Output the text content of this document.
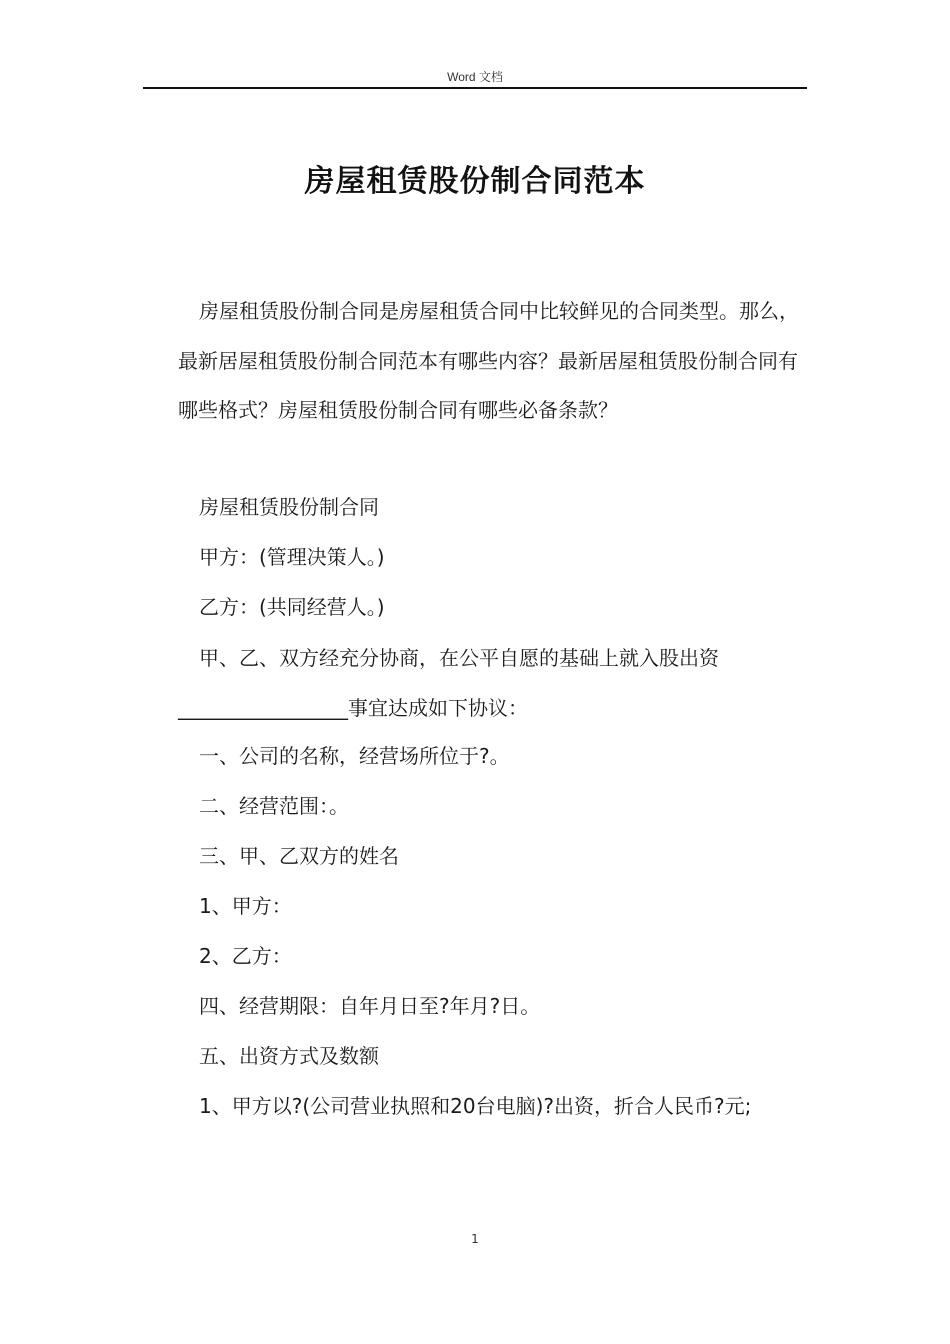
Word 文档
房屋租赁股份制合同范本

房屋租赁股份制合同是房屋租赁合同中比较鲜见的合同类型。那么，最新居屋租赁股份制合同范本有哪些内容？最新居屋租赁股份制合同有哪些格式？房屋租赁股份制合同有哪些必备条款？

房屋租赁股份制合同

甲方：(管理决策人。)

乙方：(共同经营人。)

甲、乙、双方经充分协商，在公平自愿的基础上就入股出资_________________事宜达成如下协议：

一、公司的名称，经营场所位于?。

二、经营范围：。

三、甲、乙双方的姓名

1、甲方：

2、乙方：

四、经营期限：自年月日至?年月?日。

五、出资方式及数额

1、甲方以?(公司营业执照和20台电脑)?出资，折合人民币?元;

1
